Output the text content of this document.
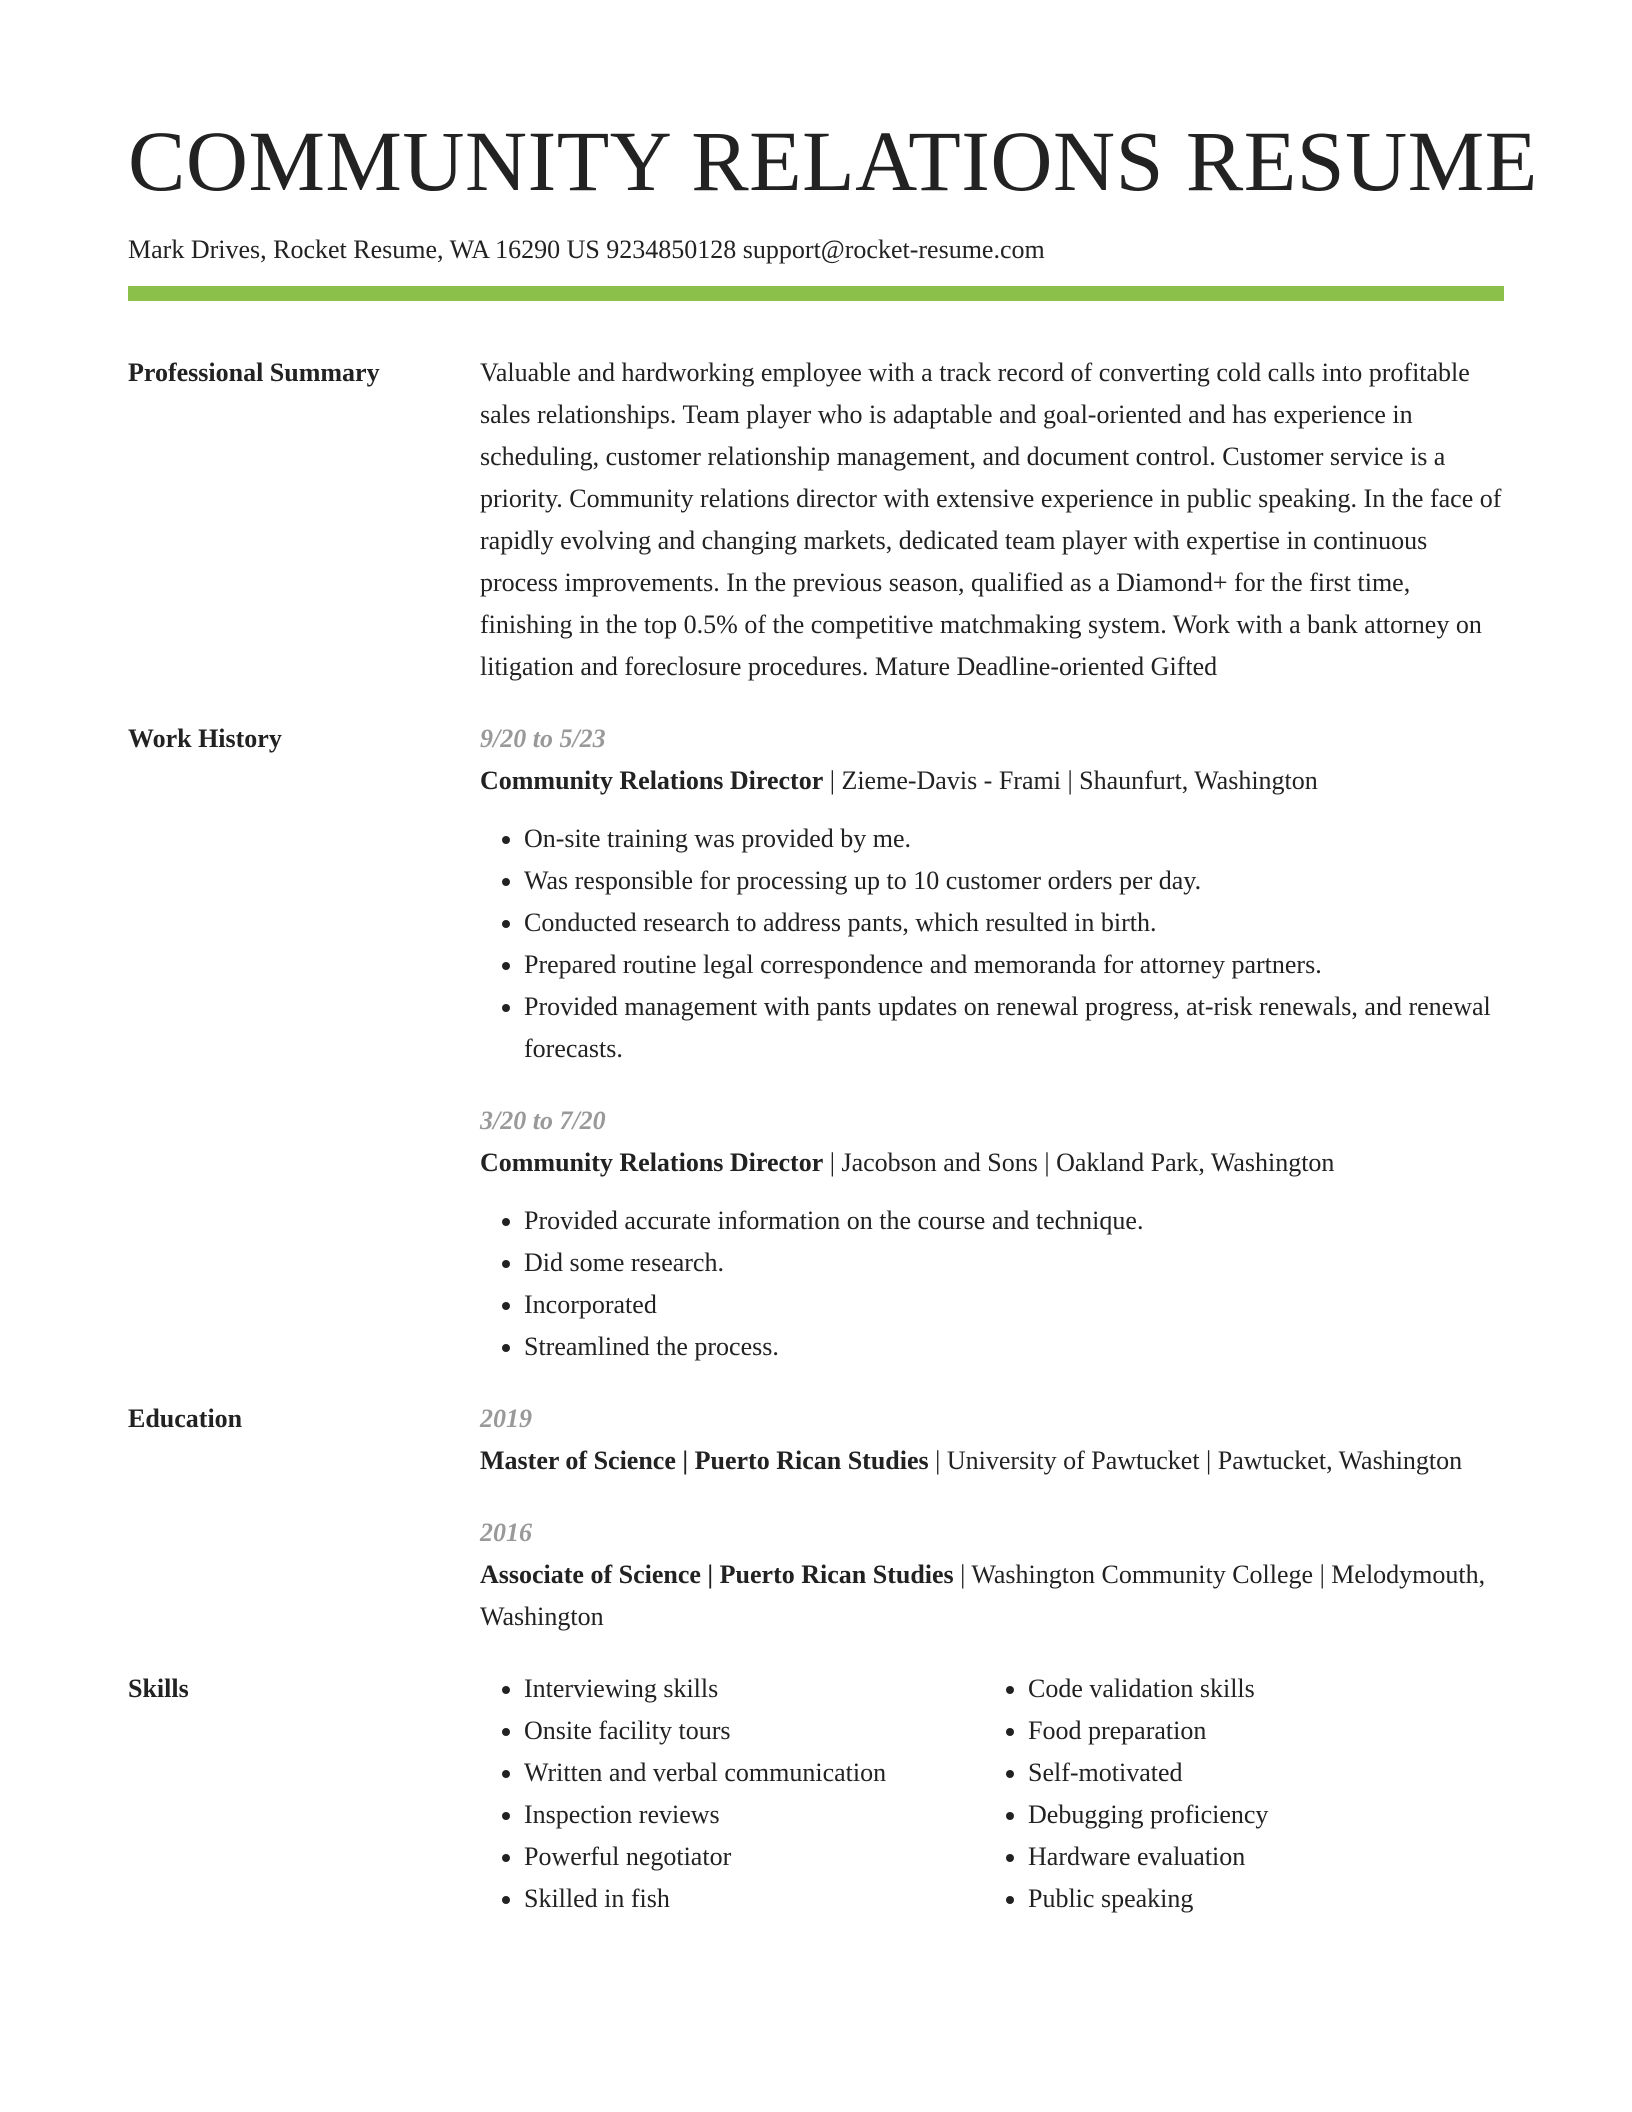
COMMUNITY RELATIONS RESUME
Mark Drives, Rocket Resume, WA 16290 US 9234850128 support@rocket-resume.com
Professional Summary	Valuable and hardworking employee with a track record of converting cold calls into profitable sales relationships. Team player who is adaptable and goal-oriented and has experience in scheduling, customer relationship management, and document control. Customer service is a priority. Community relations director with extensive experience in public speaking. In the face of rapidly evolving and changing markets, dedicated team player with expertise in continuous process improvements. In the previous season, qualified as a Diamond+ for the first time, finishing in the top 0.5% of the competitive matchmaking system. Work with a bank attorney on litigation and foreclosure procedures. Mature Deadline-oriented Gifted

Work History	9/20 to 5/23
Community Relations Director | Zieme-Davis - Frami | Shaunfurt, Washington
• On-site training was provided by me.
• Was responsible for processing up to 10 customer orders per day.
• Conducted research to address pants, which resulted in birth.
• Prepared routine legal correspondence and memoranda for attorney partners.
• Provided management with pants updates on renewal progress, at-risk renewals, and renewal forecasts.
3/20 to 7/20
Community Relations Director | Jacobson and Sons | Oakland Park, Washington
• Provided accurate information on the course and technique.
• Did some research.
• Incorporated
• Streamlined the process.
Education	2019
Master of Science | Puerto Rican Studies | University of Pawtucket | Pawtucket, Washington
2016
Associate of Science | Puerto Rican Studies | Washington Community College | Melodymouth, Washington
Skills
•	Interviewing skills
• Onsite facility tours
• Written and verbal communication
• Inspection reviews
• Powerful negotiator
• Skilled in fish
• Code validation skills
• Food preparation
• Self-motivated
• Debugging proficiency
• Hardware evaluation
• Public speaking
